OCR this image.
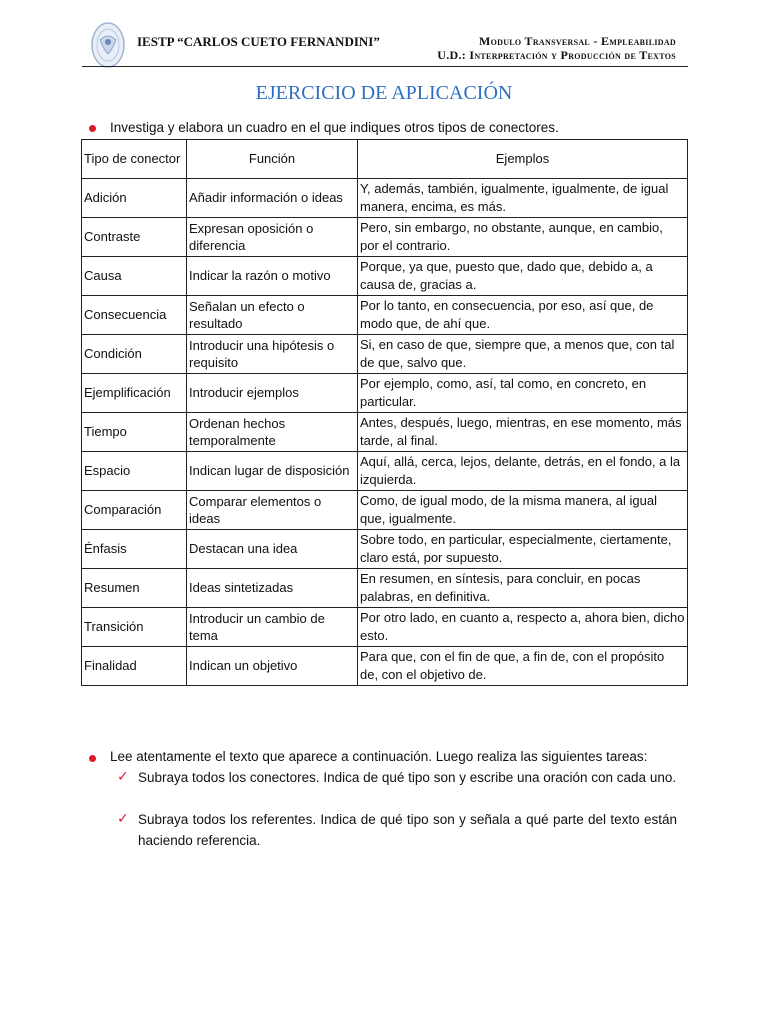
IESTP “CARLOS CUETO FERNANDINI”	Modulo Transversal - Empleabilidad
U.D.: Interpretación y Producción de Textos
EJERCICIO DE APLICACIÓN
Investiga y elabora un cuadro en el que indiques otros tipos de conectores.
Tipo de conector	Función	Ejemplos
Adición	Añadir información o ideas	Y, además, también, igualmente, igualmente, de igual manera, encima, es más.
Contraste	Expresan oposición o diferencia	Pero, sin embargo, no obstante, aunque, en cambio, por el contrario.
Causa	Indicar la razón o motivo	Porque, ya que, puesto que, dado que, debido a, a causa de, gracias a.
Consecuencia	Señalan un efecto o resultado	Por lo tanto, en consecuencia, por eso, así que, de modo que, de ahí que.
Condición	Introducir una hipótesis o requisito	Si, en caso de que, siempre que, a menos que, con tal de que, salvo que.
Ejemplificación	Introducir ejemplos	Por ejemplo, como, así, tal como, en concreto, en particular.
Tiempo	Ordenan hechos temporalmente	Antes, después, luego, mientras, en ese momento, más tarde, al final.
Espacio	Indican lugar de disposición	Aquí, allá, cerca, lejos, delante, detrás, en el fondo, a la izquierda.
Comparación	Comparar elementos o ideas	Como, de igual modo, de la misma manera, al igual que, igualmente.
Énfasis	Destacan una idea	Sobre todo, en particular, especialmente, ciertamente, claro está, por supuesto.
Resumen	Ideas sintetizadas	En resumen, en síntesis, para concluir, en pocas palabras, en definitiva.
Transición	Introducir un cambio de tema	Por otro lado, en cuanto a, respecto a, ahora bien, dicho esto.
Finalidad	Indican un objetivo	Para que, con el fin de que, a fin de, con el propósito de, con el objetivo de.
Lee atentamente el texto que aparece a continuación. Luego realiza las siguientes tareas:
✓ Subraya todos los conectores. Indica de qué tipo son y escribe una oración con cada uno.
✓ Subraya todos los referentes. Indica de qué tipo son y señala a qué parte del texto están haciendo referencia.
